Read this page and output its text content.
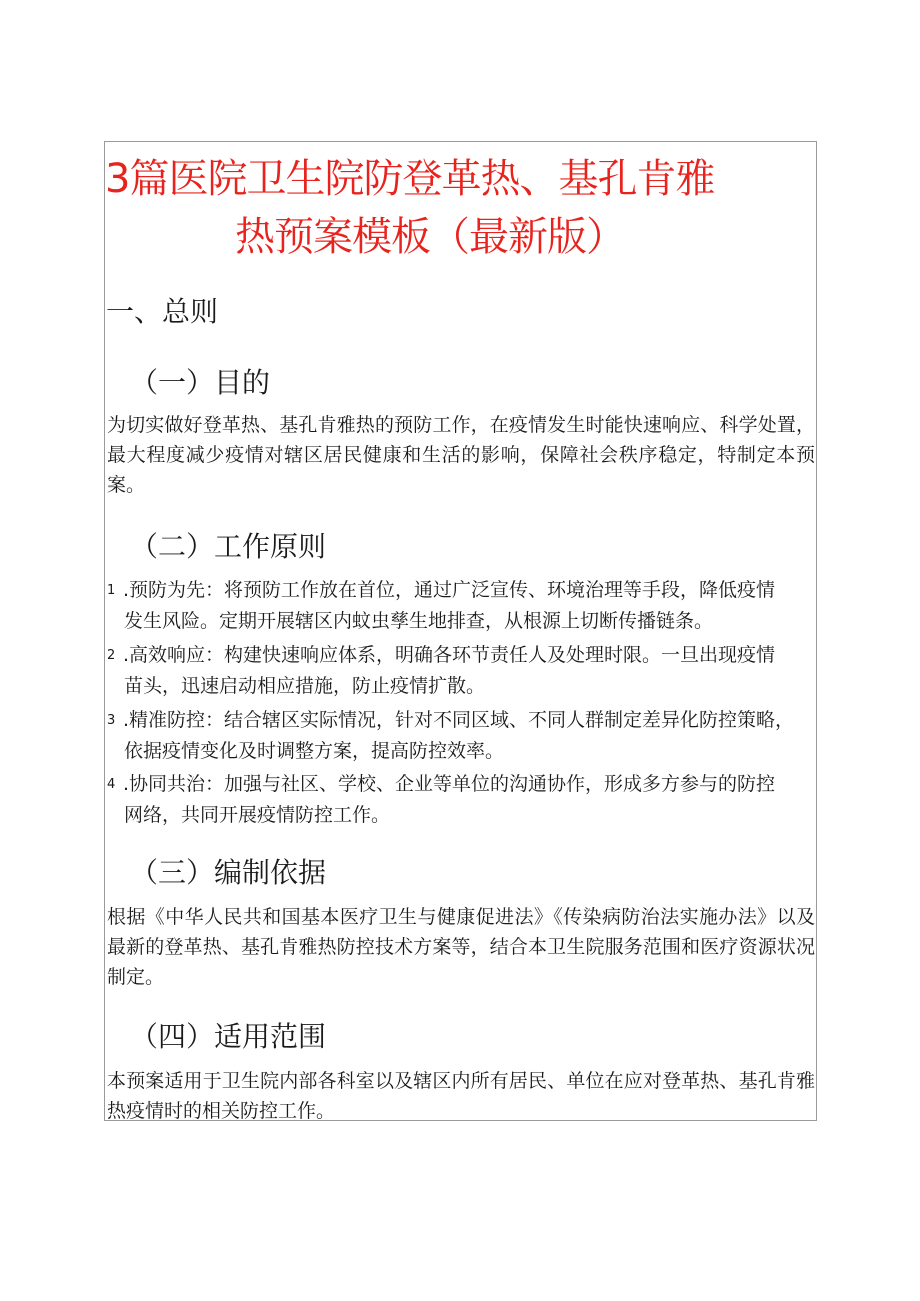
3篇医院卫生院防登革热、基孔肯雅
热预案模板（最新版）
一、总则
（一）目的

为切实做好登革热、基孔肯雅热的预防工作，在疫情发生时能快速响应、科学处置，最大程度减少疫情对辖区居民健康和生活的影响，保障社会秩序稳定，特制定本预案。

（二）工作原则
1 .预防为先：将预防工作放在首位，通过广泛宣传、环境治理等手段，降低疫情
发生风险。定期开展辖区内蚊虫孳生地排查，从根源上切断传播链条。
2 .高效响应：构建快速响应体系，明确各环节责任人及处理时限。一旦出现疫情
苗头，迅速启动相应措施，防止疫情扩散。
3 .精准防控：结合辖区实际情况，针对不同区域、不同人群制定差异化防控策略，
依据疫情变化及时调整方案，提高防控效率。
4 .协同共治：加强与社区、学校、企业等单位的沟通协作，形成多方参与的防控
网络，共同开展疫情防控工作。
（三）编制依据

根据《中华人民共和国基本医疗卫生与健康促进法》《传染病防治法实施办法》以及最新的登革热、基孔肯雅热防控技术方案等，结合本卫生院服务范围和医疗资源状况制定。

（四）适用范围

本预案适用于卫生院内部各科室以及辖区内所有居民、单位在应对登革热、基孔肯雅热疫情时的相关防控工作。
